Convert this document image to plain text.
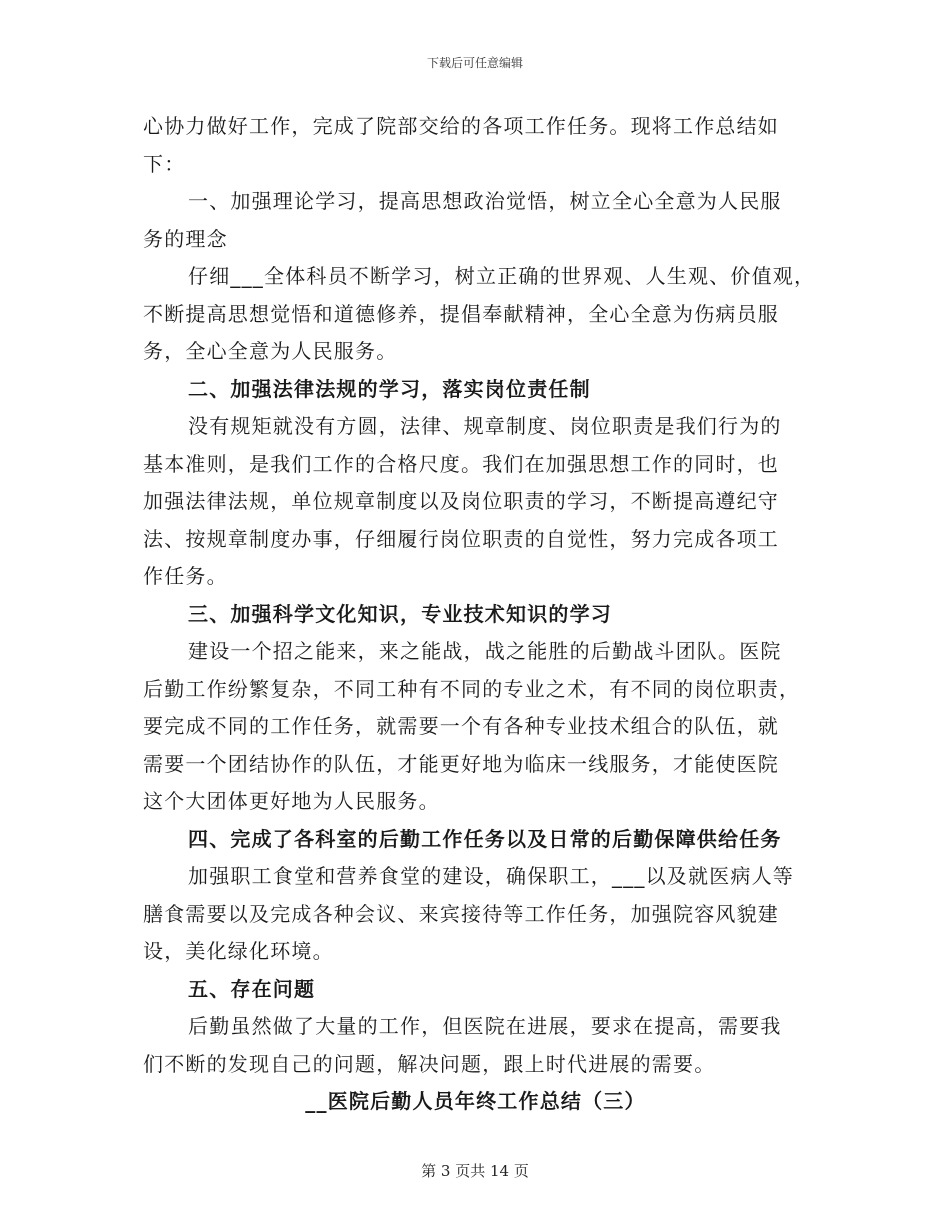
下载后可任意编辑
心协力做好工作，完成了院部交给的各项工作任务。现将工作总结如
下：
一、加强理论学习，提高思想政治觉悟，树立全心全意为人民服
务的理念
仔细___全体科员不断学习，树立正确的世界观、人生观、价值观，
不断提高思想觉悟和道德修养，提倡奉献精神，全心全意为伤病员服
务，全心全意为人民服务。
二、加强法律法规的学习，落实岗位责任制
没有规矩就没有方圆，法律、规章制度、岗位职责是我们行为的
基本准则，是我们工作的合格尺度。我们在加强思想工作的同时，也
加强法律法规，单位规章制度以及岗位职责的学习，不断提高遵纪守
法、按规章制度办事，仔细履行岗位职责的自觉性，努力完成各项工
作任务。
三、加强科学文化知识，专业技术知识的学习
建设一个招之能来，来之能战，战之能胜的后勤战斗团队。医院
后勤工作纷繁复杂，不同工种有不同的专业之术，有不同的岗位职责，
要完成不同的工作任务，就需要一个有各种专业技术组合的队伍，就
需要一个团结协作的队伍，才能更好地为临床一线服务，才能使医院
这个大团体更好地为人民服务。
四、完成了各科室的后勤工作任务以及日常的后勤保障供给任务
加强职工食堂和营养食堂的建设，确保职工，___以及就医病人等
膳食需要以及完成各种会议、来宾接待等工作任务，加强院容风貌建
设，美化绿化环境。
五、存在问题
后勤虽然做了大量的工作，但医院在进展，要求在提高，需要我
们不断的发现自己的问题，解决问题，跟上时代进展的需要。
__医院后勤人员年终工作总结（三）
第 3 页共 14 页
